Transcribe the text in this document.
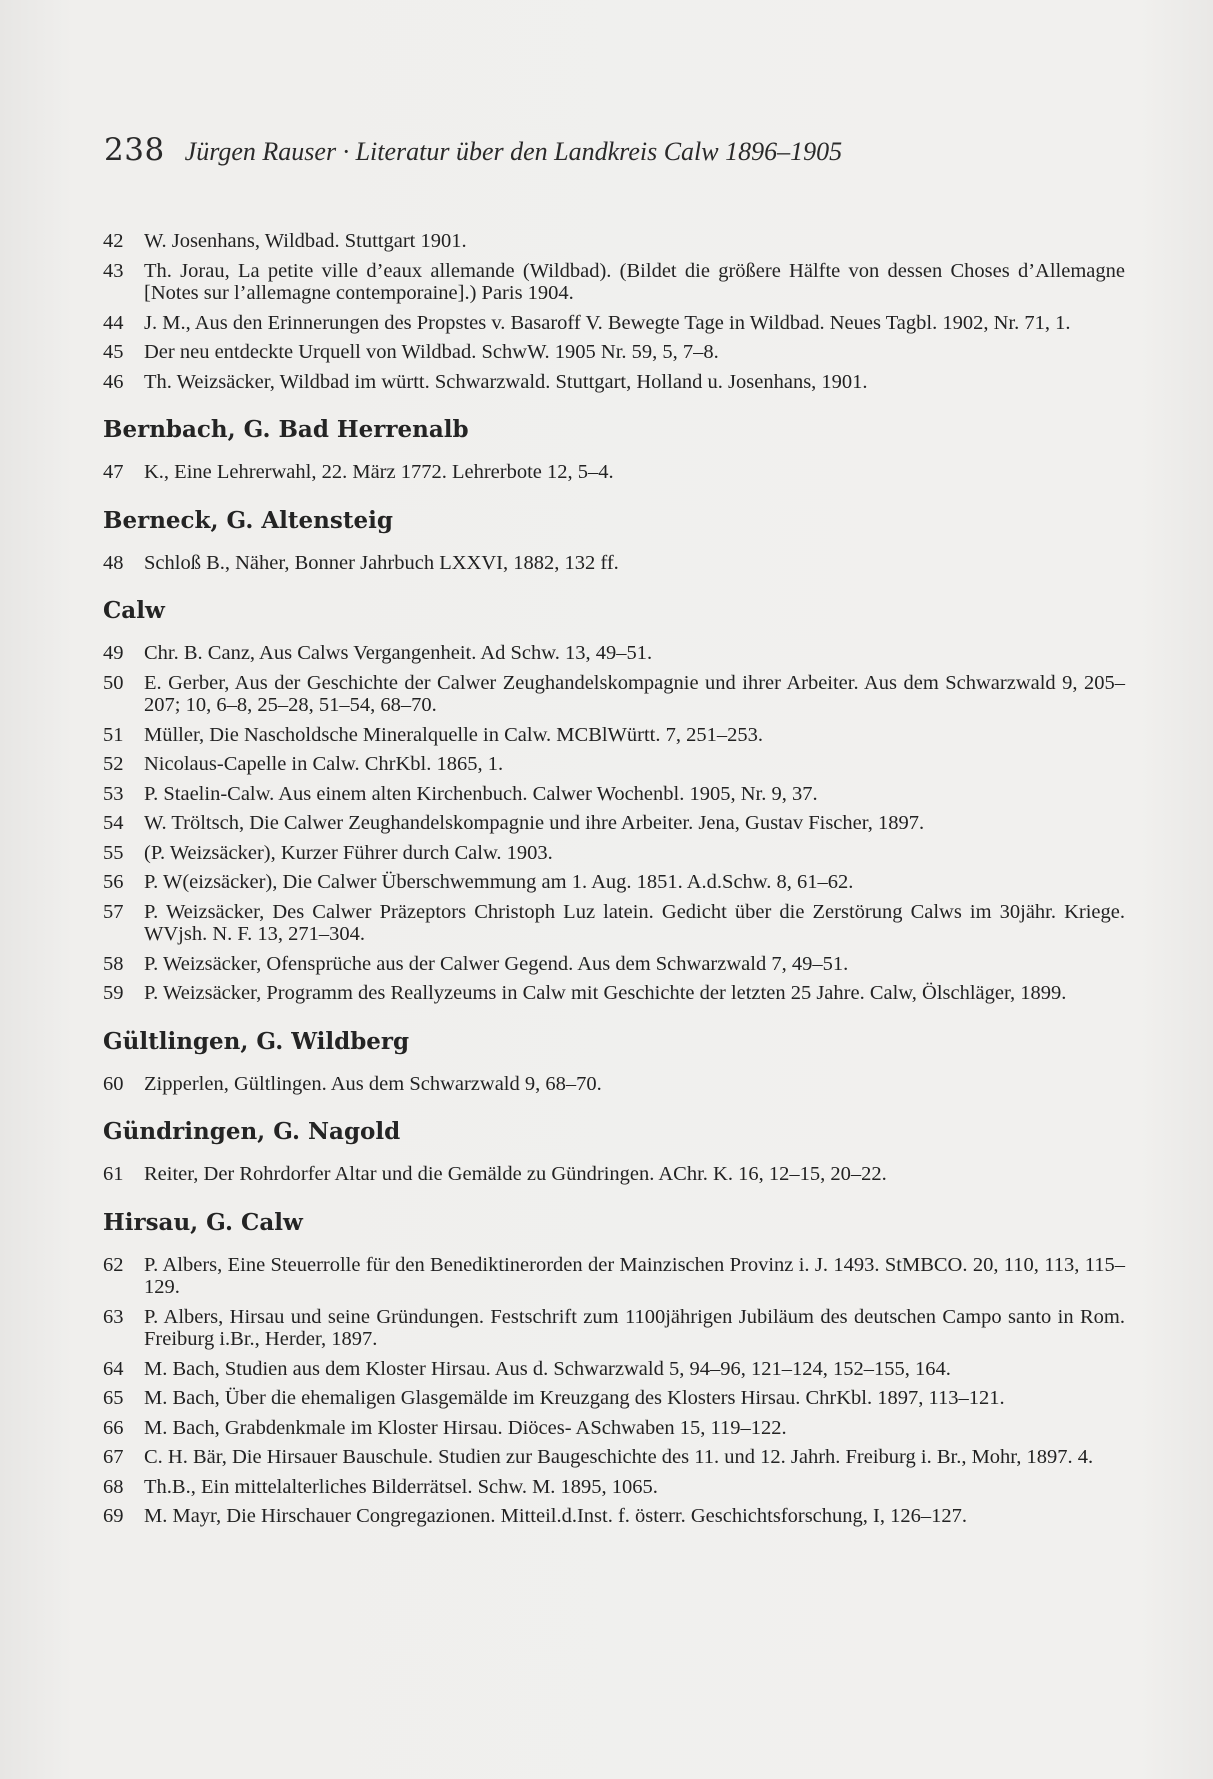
238 Jürgen Rauser · Literatur über den Landkreis Calw 1896–1905
42	W. Josenhans, Wildbad. Stuttgart 1901.
43	Th. Jorau, La petite ville d’eaux allemande (Wildbad). (Bildet die größere Hälfte von dessen Choses d’Allemagne [Notes sur l’allemagne contemporaine].) Paris 1904.
44	J. M., Aus den Erinnerungen des Propstes v. Basaroff V. Bewegte Tage in Wildbad. Neues Tagbl. 1902, Nr. 71, 1.
45	Der neu entdeckte Urquell von Wildbad. SchwW. 1905 Nr. 59, 5, 7–8.
46	Th. Weizsäcker, Wildbad im württ. Schwarzwald. Stuttgart, Holland u. Josenhans, 1901.
Bernbach, G. Bad Herrenalb
47	K., Eine Lehrerwahl, 22. März 1772. Lehrerbote 12, 5–4.
Berneck, G. Altensteig
48	Schloß B., Näher, Bonner Jahrbuch LXXVI, 1882, 132 ff.
Calw
49	Chr. B. Canz, Aus Calws Vergangenheit. Ad Schw. 13, 49–51.
50	E. Gerber, Aus der Geschichte der Calwer Zeughandelskompagnie und ihrer Arbeiter. Aus dem Schwarzwald 9, 205–207; 10, 6–8, 25–28, 51–54, 68–70.
51	Müller, Die Nascholdsche Mineralquelle in Calw. MCBlWürtt. 7, 251–253.
52	Nicolaus-Capelle in Calw. ChrKbl. 1865, 1.
53	P. Staelin-Calw. Aus einem alten Kirchenbuch. Calwer Wochenbl. 1905, Nr. 9, 37.
54	W. Tröltsch, Die Calwer Zeughandelskompagnie und ihre Arbeiter. Jena, Gustav Fischer, 1897.
55	(P. Weizsäcker), Kurzer Führer durch Calw. 1903.
56	P. W(eizsäcker), Die Calwer Überschwemmung am 1. Aug. 1851. A.d.Schw. 8, 61–62.
57	P. Weizsäcker, Des Calwer Präzeptors Christoph Luz latein. Gedicht über die Zerstörung Calws im 30jähr. Kriege. WVjsh. N. F. 13, 271–304.
58	P. Weizsäcker, Ofensprüche aus der Calwer Gegend. Aus dem Schwarzwald 7, 49–51.
59	P. Weizsäcker, Programm des Reallyzeums in Calw mit Geschichte der letzten 25 Jahre. Calw, Ölschläger, 1899.
Gültlingen, G. Wildberg
60	Zipperlen, Gültlingen. Aus dem Schwarzwald 9, 68–70.
Gündringen, G. Nagold
61	Reiter, Der Rohrdorfer Altar und die Gemälde zu Gündringen. AChr. K. 16, 12–15, 20–22.
Hirsau, G. Calw
62	P. Albers, Eine Steuerrolle für den Benediktinerorden der Mainzischen Provinz i. J. 1493. StMBCO. 20, 110, 113, 115–129.
63	P. Albers, Hirsau und seine Gründungen. Festschrift zum 1100jährigen Jubiläum des deutschen Campo santo in Rom. Freiburg i.Br., Herder, 1897.
64	M. Bach, Studien aus dem Kloster Hirsau. Aus d. Schwarzwald 5, 94–96, 121–124, 152–155, 164.
65	M. Bach, Über die ehemaligen Glasgemälde im Kreuzgang des Klosters Hirsau. ChrKbl. 1897, 113–121.
66	M. Bach, Grabdenkmale im Kloster Hirsau. Diöces- ASchwaben 15, 119–122.
67	C. H. Bär, Die Hirsauer Bauschule. Studien zur Baugeschichte des 11. und 12. Jahrh. Freiburg i. Br., Mohr, 1897. 4.
68	Th.B., Ein mittelalterliches Bilderrätsel. Schw. M. 1895, 1065.
69	M. Mayr, Die Hirschauer Congregazionen. Mitteil.d.Inst. f. österr. Geschichtsforschung, I, 126–127.
